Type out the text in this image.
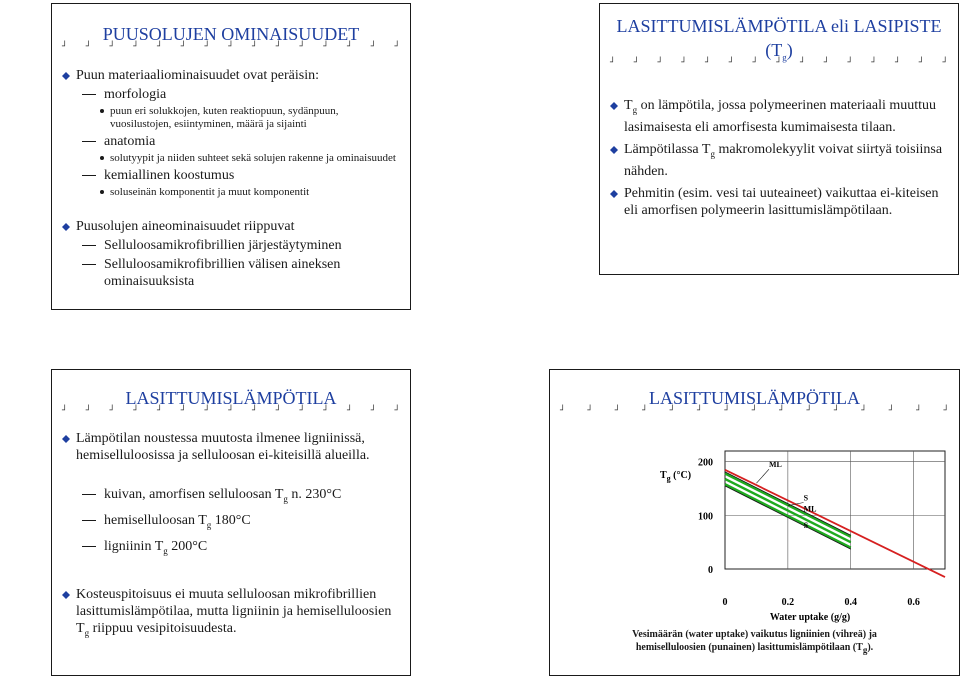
PUUSOLUJEN OMINAISUUDET
┘ ┘ ┘ ┘ ┘ ┘ ┘ ┘ ┘ ┘ ┘ ┘ ┘ ┘ ┘
Puun materiaaliominaisuudet ovat peräisin:
morfologia
puun eri solukkojen, kuten reaktiopuun, sydänpuun, vuosilustojen, esiintyminen, määrä ja sijainti
anatomia
solutyypit ja niiden suhteet sekä solujen rakenne ja ominaisuudet
kemiallinen koostumus
soluseinän komponentit ja muut komponentit
Puusolujen aineominaisuudet riippuvat
Selluloosamikrofibrillien järjestäytyminen
Selluloosamikrofibrillien välisen aineksen ominaisuuksista
LASITTUMISLÄMPÖTILA eli LASIPISTE
$(T_g)$
┘ ┘ ┘ ┘ ┘ ┘ ┘ ┘ ┘ ┘ ┘ ┘ ┘ ┘ ┘
$T_g$ on lämpötila, jossa polymeerinen materiaali muuttuu lasimaisesta eli amorfisesta kumimaisesta tilaan.
Lämpötilassa $T_g$ makromolekyylit voivat siirtyä toisiinsa nähden.
Pehmitin (esim. vesi tai uuteaineet) vaikuttaa ei-kiteisen eli amorfisen polymeerin lasittumislämpötilaan.
LASITTUMISLÄMPÖTILA
┘ ┘ ┘ ┘ ┘ ┘ ┘ ┘ ┘ ┘ ┘ ┘ ┘ ┘ ┘
Lämpötilan noustessa muutosta ilmenee ligniinissä, hemiselluloosissa ja selluloosan ei-kiteisillä alueilla.
kuivan, amorfisen selluloosan $T_g$ n. 230°C
hemiselluloosan $T_g$ 180°C
ligniinin $T_g$ 200°C
Kosteuspitoisuus ei muuta selluloosan mikrofibrillien lasittumislämpötilaa, mutta ligniinin ja hemiselluloosien $T_g$ riippuu vesipitoisuudesta.
LASITTUMISLÄMPÖTILA
┘ ┘ ┘ ┘ ┘ ┘ ┘ ┘ ┘ ┘ ┘ ┘ ┘ ┘ ┘
$T_g$ (°C)
Water uptake (g/g)
0
100
200
0	0.2	0.4	0.6
ML
S
ML
S
Vesimäärän (water uptake) vaikutus ligniinien (vihreä) ja
hemiselluloosien (punainen) lasittumislämpötilaan $(T_g)$.
